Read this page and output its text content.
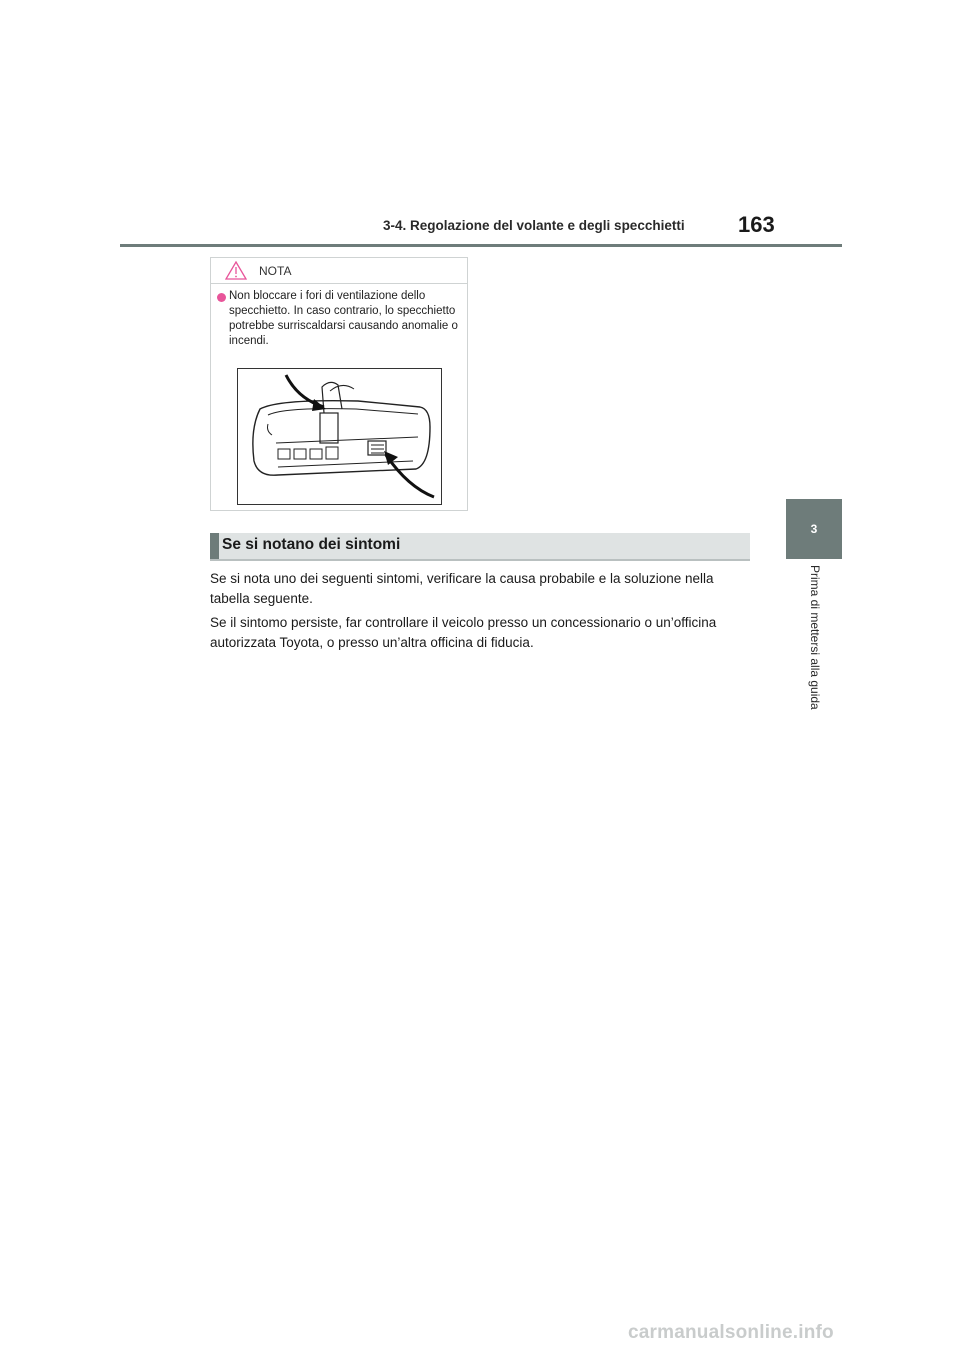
3-4. Regolazione del volante e degli specchietti 163
3
Prima di mettersi alla guida
NOTA
Non bloccare i fori di ventilazione dello specchietto. In caso contrario, lo specchietto potrebbe surriscaldarsi causando anomalie o incendi.
Se si notano dei sintomi

Se si nota uno dei seguenti sintomi, verificare la causa probabile e la soluzione nella tabella seguente.

Se il sintomo persiste, far controllare il veicolo presso un concessionario o un’officina autorizzata Toyota, o presso un’altra officina di fiducia.

carmanualsonline.info
